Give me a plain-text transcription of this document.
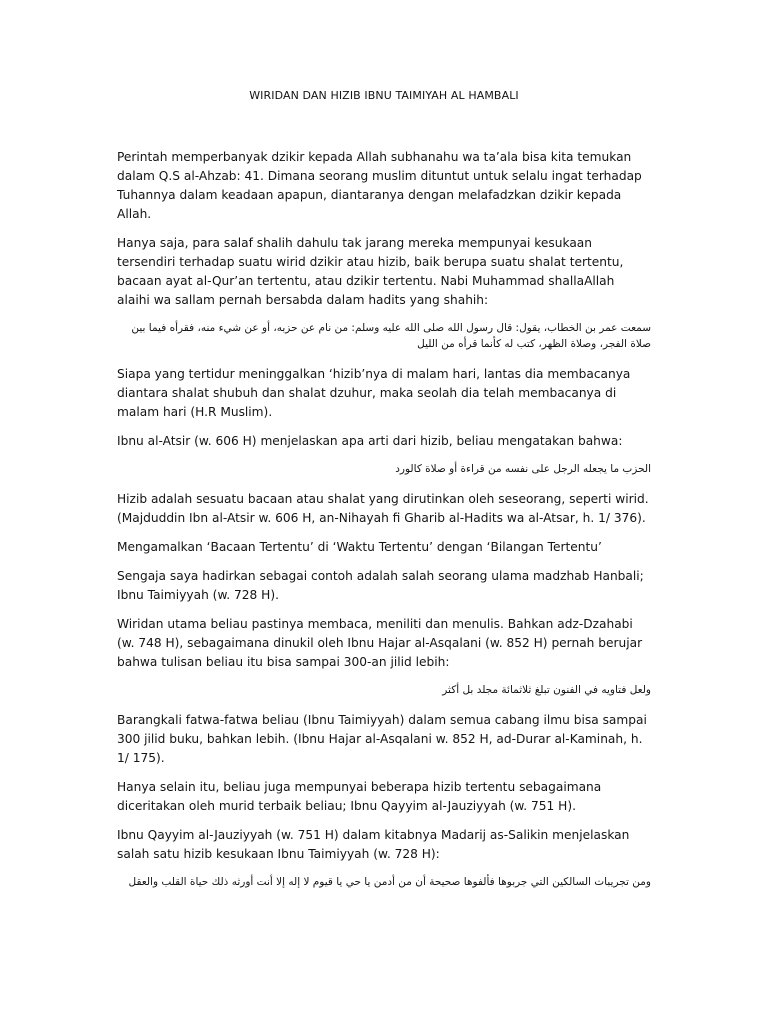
WIRIDAN DAN HIZIB IBNU TAIMIYAH AL HAMBALI

Perintah memperbanyak dzikir kepada Allah subhanahu wa ta’ala bisa kita temukan dalam Q.S al-Ahzab: 41. Dimana seorang muslim dituntut untuk selalu ingat terhadap Tuhannya dalam keadaan apapun, diantaranya dengan melafadzkan dzikir kepada Allah.

Hanya saja, para salaf shalih dahulu tak jarang mereka mempunyai kesukaan tersendiri terhadap suatu wirid dzikir atau hizib, baik berupa suatu shalat tertentu, bacaan ayat al-Qur’an tertentu, atau dzikir tertentu. Nabi Muhammad shallaAllah alaihi wa sallam pernah bersabda dalam hadits yang shahih:

سمعت عمر بن الخطاب، يقول: قال رسول الله صلى الله عليه وسلم: من نام عن حزبه، أو عن شيء منه، فقرأه فيما بين صلاة الفجر، وصلاة الظهر، كتب له كأنما قرأه من الليل

Siapa yang tertidur meninggalkan ‘hizib’nya di malam hari, lantas dia membacanya diantara shalat shubuh dan shalat dzuhur, maka seolah dia telah membacanya di malam hari (H.R Muslim).

Ibnu al-Atsir (w. 606 H) menjelaskan apa arti dari hizib, beliau mengatakan bahwa:

الحزب ما يجعله الرجل على نفسه من قراءة أو صلاة كالورد

Hizib adalah sesuatu bacaan atau shalat yang dirutinkan oleh seseorang, seperti wirid. (Majduddin Ibn al-Atsir w. 606 H, an-Nihayah fi Gharib al-Hadits wa al-Atsar, h. 1/ 376).

Mengamalkan ‘Bacaan Tertentu’ di ‘Waktu Tertentu’ dengan ‘Bilangan Tertentu’

Sengaja saya hadirkan sebagai contoh adalah salah seorang ulama madzhab Hanbali; Ibnu Taimiyyah (w. 728 H).

Wiridan utama beliau pastinya membaca, meniliti dan menulis. Bahkan adz-Dzahabi (w. 748 H), sebagaimana dinukil oleh Ibnu Hajar al-Asqalani (w. 852 H) pernah berujar bahwa tulisan beliau itu bisa sampai 300-an jilid lebih:

ولعل فتاويه في الفنون تبلغ ثلاثمائة مجلد بل أكثر

Barangkali fatwa-fatwa beliau (Ibnu Taimiyyah) dalam semua cabang ilmu bisa sampai 300 jilid buku, bahkan lebih. (Ibnu Hajar al-Asqalani w. 852 H, ad-Durar al-Kaminah, h. 1/ 175).

Hanya selain itu, beliau juga mempunyai beberapa hizib tertentu sebagaimana diceritakan oleh murid terbaik beliau; Ibnu Qayyim al-Jauziyyah (w. 751 H).

Ibnu Qayyim al-Jauziyyah (w. 751 H) dalam kitabnya Madarij as-Salikin menjelaskan salah satu hizib kesukaan Ibnu Taimiyyah (w. 728 H):

ومن تجريبات السالكين التي جربوها فألفوها صحيحة أن من أدمن يا حي يا قيوم لا إله إلا أنت أورثه ذلك حياة القلب والعقل
